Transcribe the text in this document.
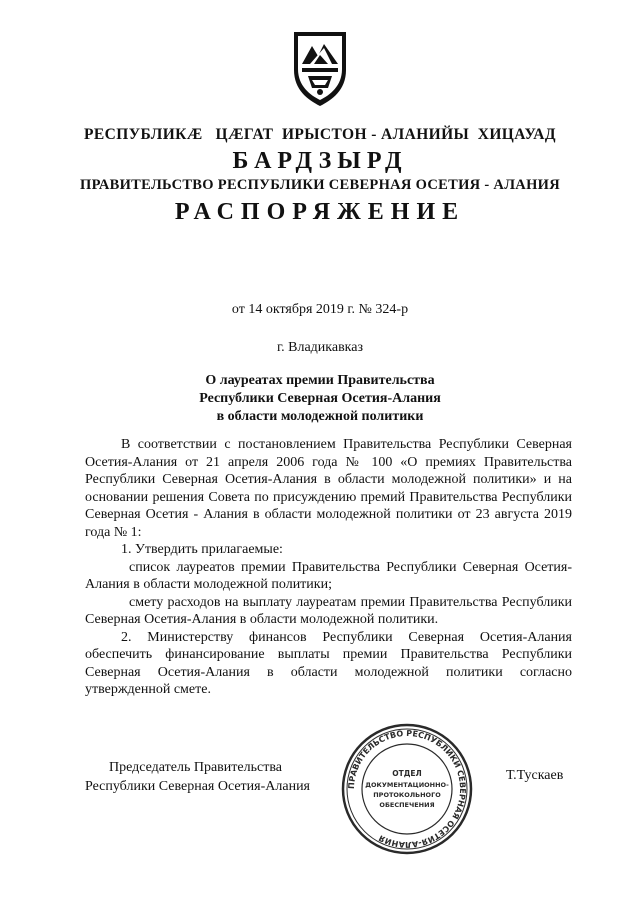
РЕСПУБЛИКӔ   ЦӔГАТ  ИРЫСТОН - АЛАНИЙЫ  ХИЦАУАД
БАРДЗЫРД
ПРАВИТЕЛЬСТВО РЕСПУБЛИКИ СЕВЕРНАЯ ОСЕТИЯ - АЛАНИЯ
РАСПОРЯЖЕНИЕ
от 14 октября 2019 г. № 324-р
г. Владикавказ
О лауреатах премии Правительства
Республики Северная Осетия-Алания
в области молодежной политики

В соответствии с постановлением Правительства Республики Северная Осетия-Алания от 21 апреля 2006 года № 100 «О премиях Правительства Республики Северная Осетия-Алания в области молодежной политики» и на основании решения Совета по присуждению премий Правительства Республики Северная Осетия - Алания в области молодежной политики от 23 августа 2019 года № 1:

1. Утвердить прилагаемые:

список лауреатов премии Правительства Республики Северная Осетия-Алания в области молодежной политики;

смету расходов на выплату лауреатам премии Правительства Республики Северная Осетия-Алания в области молодежной политики.

2. Министерству финансов Республики Северная Осетия-Алания обеспечить финансирование выплаты премии Правительства Республики Северная Осетия-Алания в области молодежной политики согласно утвержденной смете.

Председатель Правительства
Республики Северная Осетия-Алания
Т.Тускаев
ПРАВИТЕЛЬСТВО РЕСПУБЛИКИ СЕВЕРНАЯ ОСЕТИЯ-АЛАНИЯ
ОТДЕЛ
ДОКУМЕНТАЦИОННО-
ПРОТОКОЛЬНОГО
ОБЕСПЕЧЕНИЯ
